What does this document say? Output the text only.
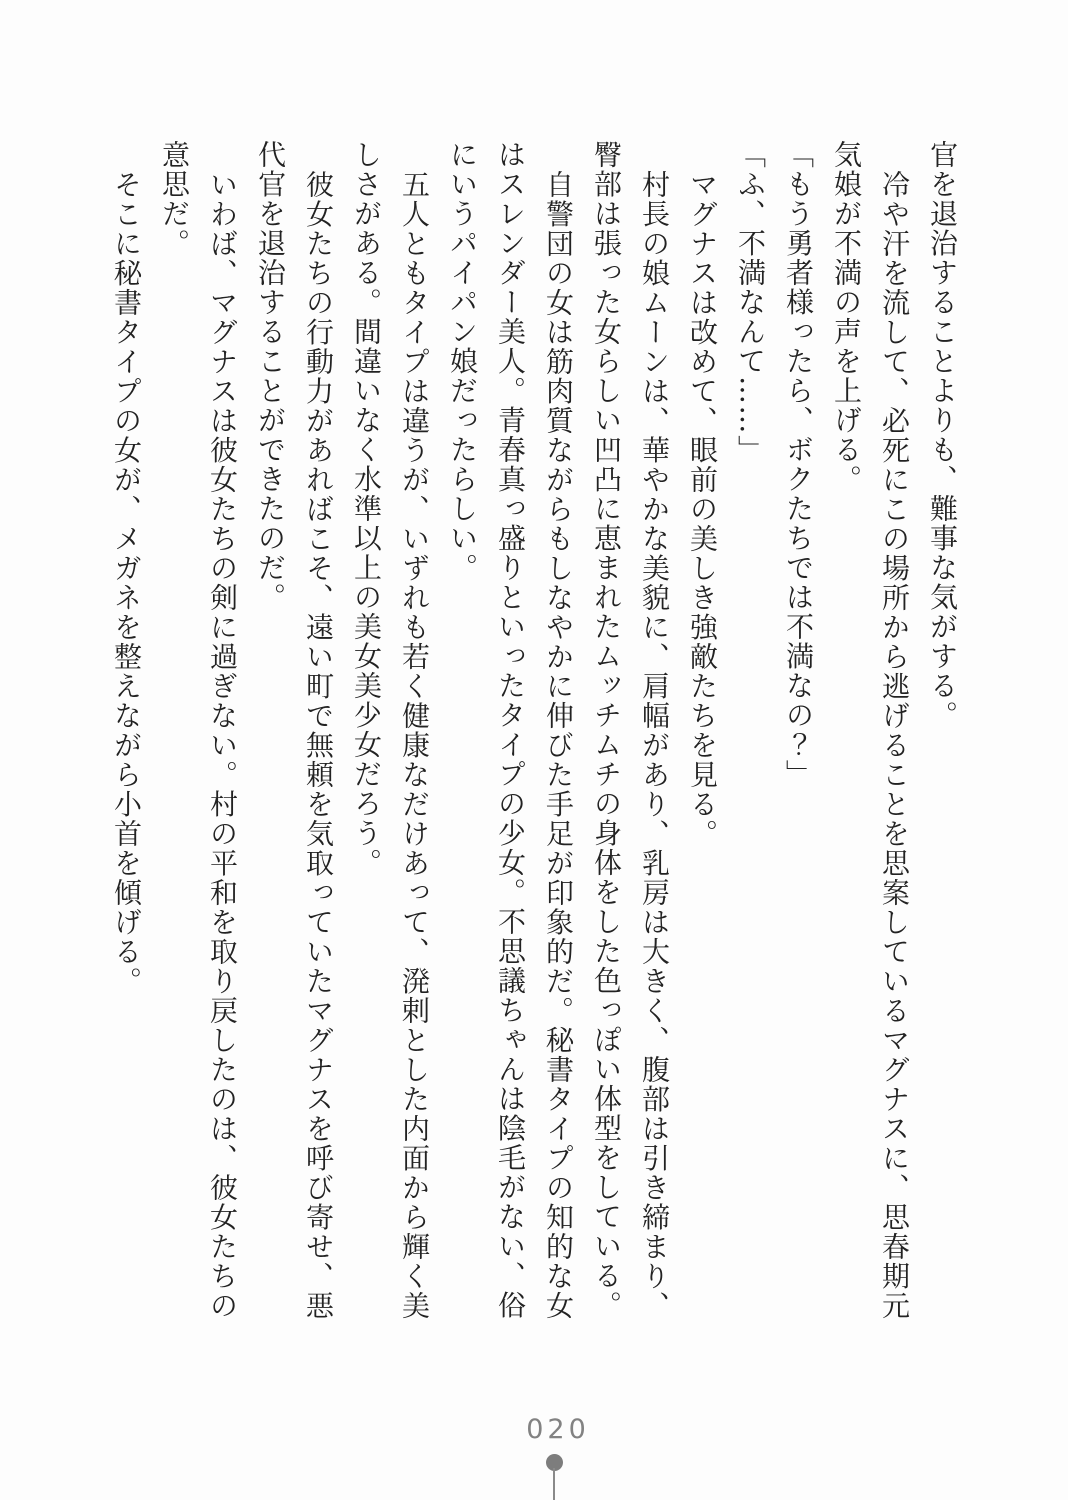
官を退治することよりも、難事な気がする。

冷や汗を流して、必死にこの場所から逃げることを思案しているマグナスに、思春期元気娘が不満の声を上げる。

「もう勇者様ったら、ボクたちでは不満なの？」

「ふ、不満なんて……」

マグナスは改めて、眼前の美しき強敵たちを見る。

村長の娘ムーンは、華やかな美貌に、肩幅があり、乳房は大きく、腹部は引き締まり、臀部は張った女らしい凹凸に恵まれたムッチムチの身体をした色っぽい体型をしている。

自警団の女は筋肉質ながらもしなやかに伸びた手足が印象的だ。秘書タイプの知的な女はスレンダー美人。青春真っ盛りといったタイプの少女。不思議ちゃんは陰毛がない、俗にいうパイパン娘だったらしい。

五人ともタイプは違うが、いずれも若く健康なだけあって、溌剌とした内面から輝く美しさがある。間違いなく水準以上の美女美少女だろう。

彼女たちの行動力があればこそ、遠い町で無頼を気取っていたマグナスを呼び寄せ、悪代官を退治することができたのだ。

いわば、マグナスは彼女たちの剣に過ぎない。村の平和を取り戻したのは、彼女たちの意思だ。

そこに秘書タイプの女が、メガネを整えながら小首を傾げる。

020
